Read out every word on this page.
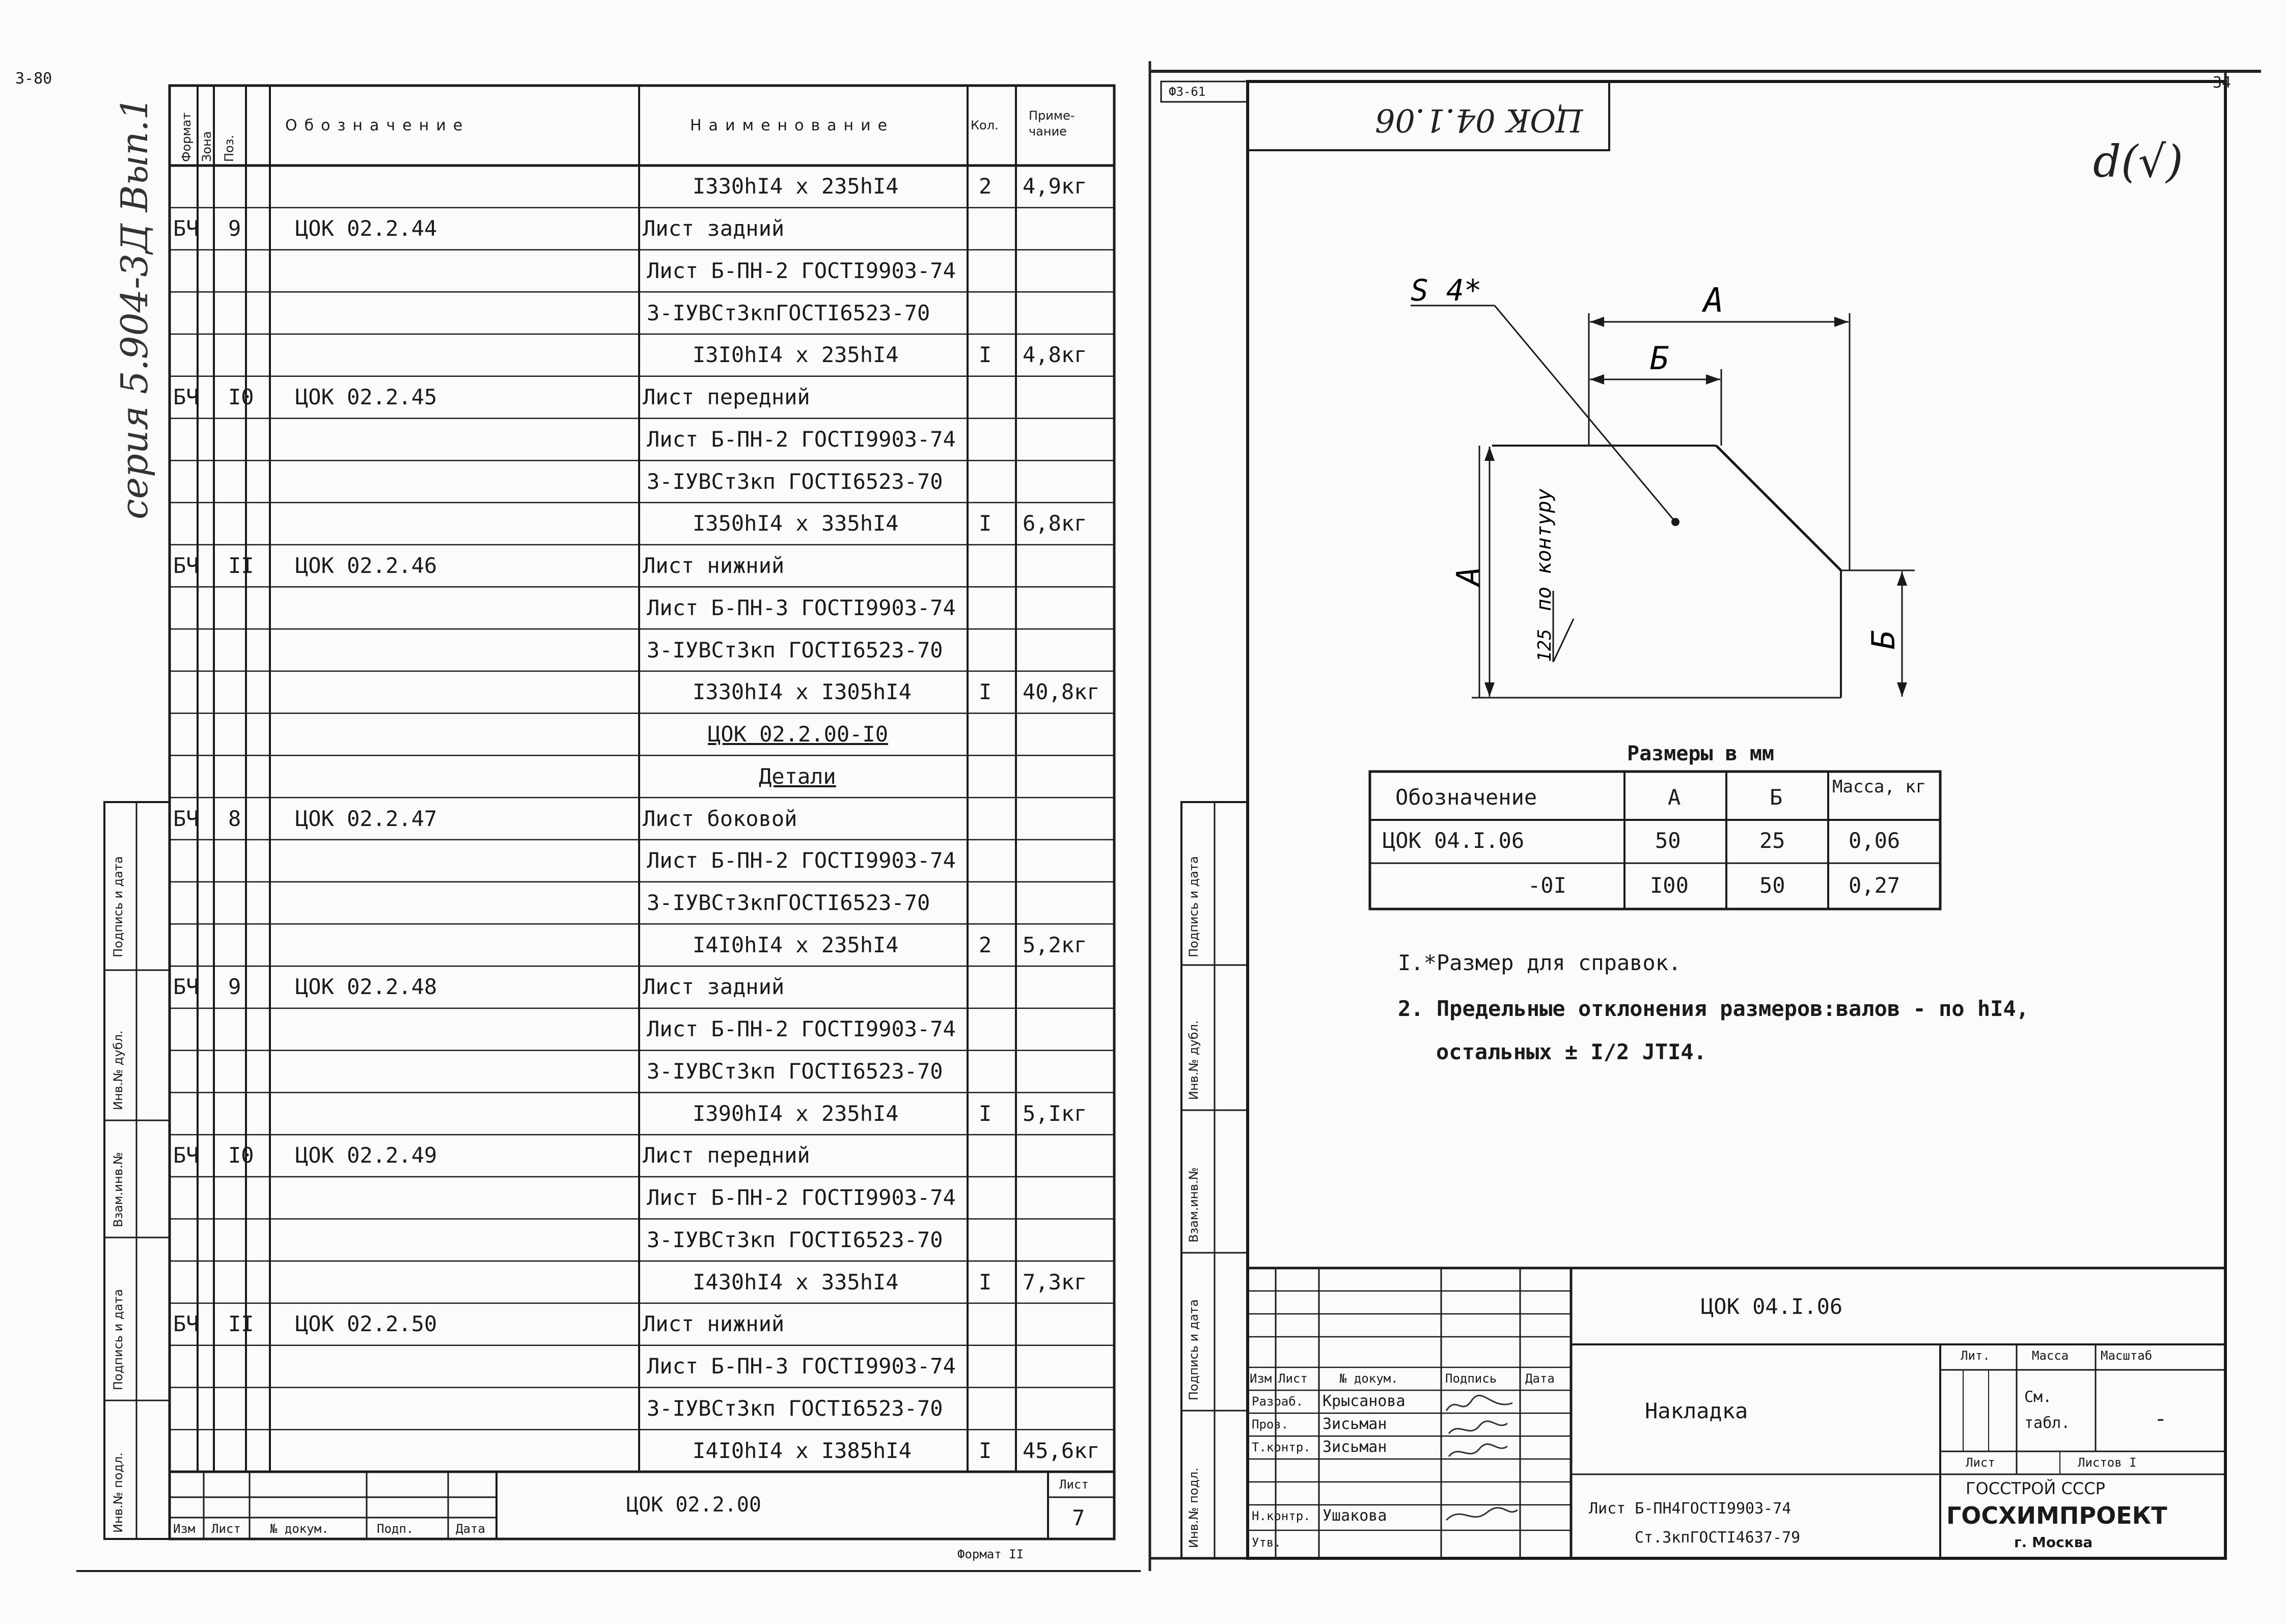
3-80
серия 5.904-3Д Вып.1 Формат Зона Поз.
Обозначение	Наименование	Кол.
Приме-чание
I330hI4 x 235hI4	2 4,9кг
БЧ 9	ЦОК 02.2.44	Лист задний
Лист Б-ПН-2 ГОСТI9903-74
3-IУВСт3кпГОСТI6523-70
I3I0hI4 x 235hI4	I 4,8кг
БЧ I0 ЦОК 02.2.45	Лист передний
Лист Б-ПН-2 ГОСТI9903-74
3-IУВСт3кп ГОСТI6523-70
I350hI4 x 335hI4	I 6,8кг
БЧ II ЦОК 02.2.46	Лист нижний
Лист Б-ПН-3 ГОСТI9903-74
3-IУВСт3кп ГОСТI6523-70
I330hI4 x I305hI4	I 40,8кг
ЦОК 02.2.00-I0
Детали
БЧ 8	ЦОК 02.2.47	Лист боковой
Лист Б-ПН-2 ГОСТI9903-74
3-IУВСт3кпГОСТI6523-70
I4I0hI4 x 235hI4	2 5,2кг
БЧ 9	ЦОК 02.2.48	Лист задний
Лист Б-ПН-2 ГОСТI9903-74
3-IУВСт3кп ГОСТI6523-70
I390hI4 x 235hI4	I 5,Iкг
БЧ I0 ЦОК 02.2.49	Лист передний
Лист Б-ПН-2 ГОСТI9903-74
3-IУВСт3кп ГОСТI6523-70
I430hI4 x 335hI4	I 7,3кг
БЧ II ЦОК 02.2.50	Лист нижний
Лист Б-ПН-3 ГОСТI9903-74
3-IУВСт3кп ГОСТI6523-70
I4I0hI4 x I385hI4	I 45,6кг
Подпись и дата
Инв.№ дубл.
Взам.инв.№
Подпись и дата
Инв.№ подл.	ЦОК 02.2.00
Лист
7
Изм Лист № докум.	Подп.	Дата
Формат II
Ф3-61	34
S 4*	A
Б
A
Б
по контуру
125
ЦОК 04.1.06
d(√)
Размеры в мм
Обозначение	А	Б	Масса, кг
ЦОК 04.I.06	50	25	0,06
-0I	I00	50	0,27
I.*Размер для справок.
2. Предельные отклонения размеров:валов - по hI4,
остальных ± I/2 JTI4.
Подпись и дата
Инв.№ дубл.
Взам.инв.№
Подпись и дата
Инв.№ подл.
ЦОК 04.I.06
Накладка
Изм Лист	№ докум.	Подпись Дата
Разраб. Крысанова
Пров. Зисьман
Т.контр. Зисьман
Н.контр. Ушакова
Утв.
Лит.	Масса	Масштаб
См. табл.	-
Лист	Листов I
Лист Б-ПН4ГОСТI9903-74
Ст.3кпГОСТI4637-79
ГОССТРОЙ СССР
ГОСХИМПРОЕКТ
г. Москва
